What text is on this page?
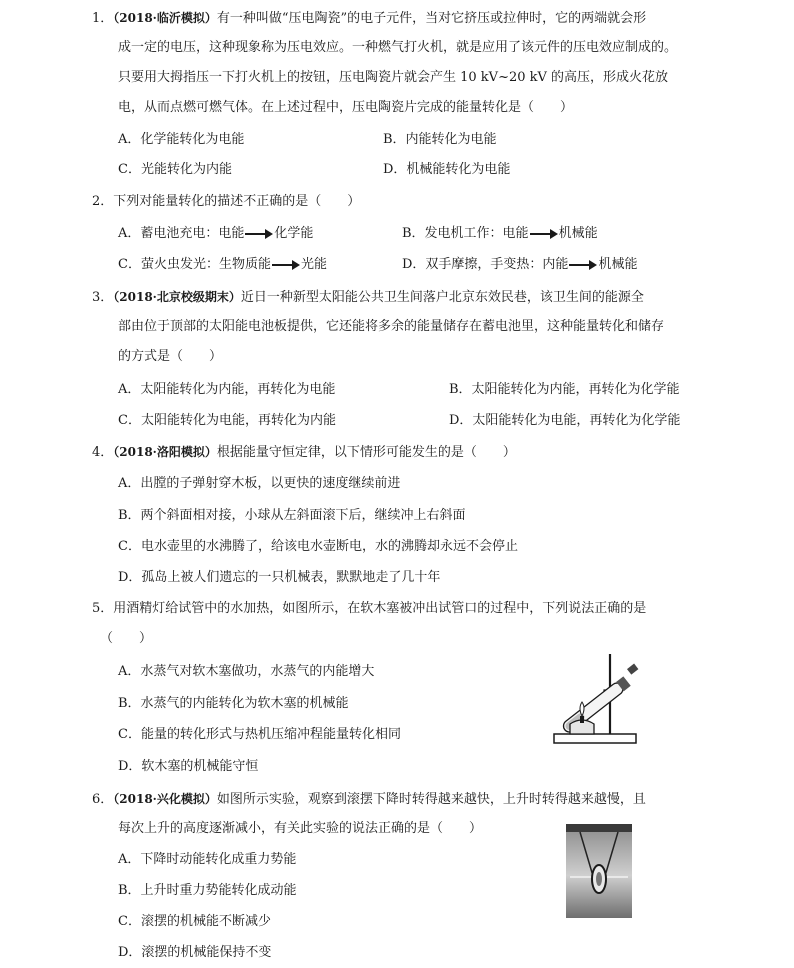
1．（2018·临沂模拟）有一种叫做“压电陶瓷”的电子元件，当对它挤压或拉伸时，它的两端就会形
成一定的电压，这种现象称为压电效应。一种燃气打火机，就是应用了该元件的压电效应制成的。
只要用大拇指压一下打火机上的按钮，压电陶瓷片就会产生 10 kV~20 kV 的高压，形成火花放
电，从而点燃可燃气体。在上述过程中，压电陶瓷片完成的能量转化是（　　）
A．化学能转化为电能	B．内能转化为电能
C．光能转化为内能	D．机械能转化为电能
2．下列对能量转化的描述不正确的是（　　）
A．蓄电池充电：电能 化学能	B．发电机工作：电能 机械能
C．萤火虫发光：生物质能 光能	D．双手摩擦，手变热：内能 机械能
3．（2018·北京校级期末）近日一种新型太阳能公共卫生间落户北京东效民巷，该卫生间的能源全
部由位于顶部的太阳能电池板提供，它还能将多余的能量储存在蓄电池里，这种能量转化和储存
的方式是（　　）
A．太阳能转化为内能，再转化为电能	B．太阳能转化为内能，再转化为化学能
C．太阳能转化为电能，再转化为内能	D．太阳能转化为电能，再转化为化学能
4．（2018·洛阳模拟）根据能量守恒定律，以下情形可能发生的是（　　）
A．出膛的子弹射穿木板，以更快的速度继续前进
B．两个斜面相对接，小球从左斜面滚下后，继续冲上右斜面
C．电水壶里的水沸腾了，给该电水壶断电，水的沸腾却永远不会停止
D．孤岛上被人们遗忘的一只机械表，默默地走了几十年
5．用酒精灯给试管中的水加热，如图所示，在软木塞被冲出试管口的过程中，下列说法正确的是
（　　）
A．水蒸气对软木塞做功，水蒸气的内能增大
B．水蒸气的内能转化为软木塞的机械能
C．能量的转化形式与热机压缩冲程能量转化相同
D．软木塞的机械能守恒
6．（2018·兴化模拟）如图所示实验，观察到滚摆下降时转得越来越快，上升时转得越来越慢，且
每次上升的高度逐渐减小，有关此实验的说法正确的是（　　）
A．下降时动能转化成重力势能
B．上升时重力势能转化成动能
C．滚摆的机械能不断减少
D．滚摆的机械能保持不变
